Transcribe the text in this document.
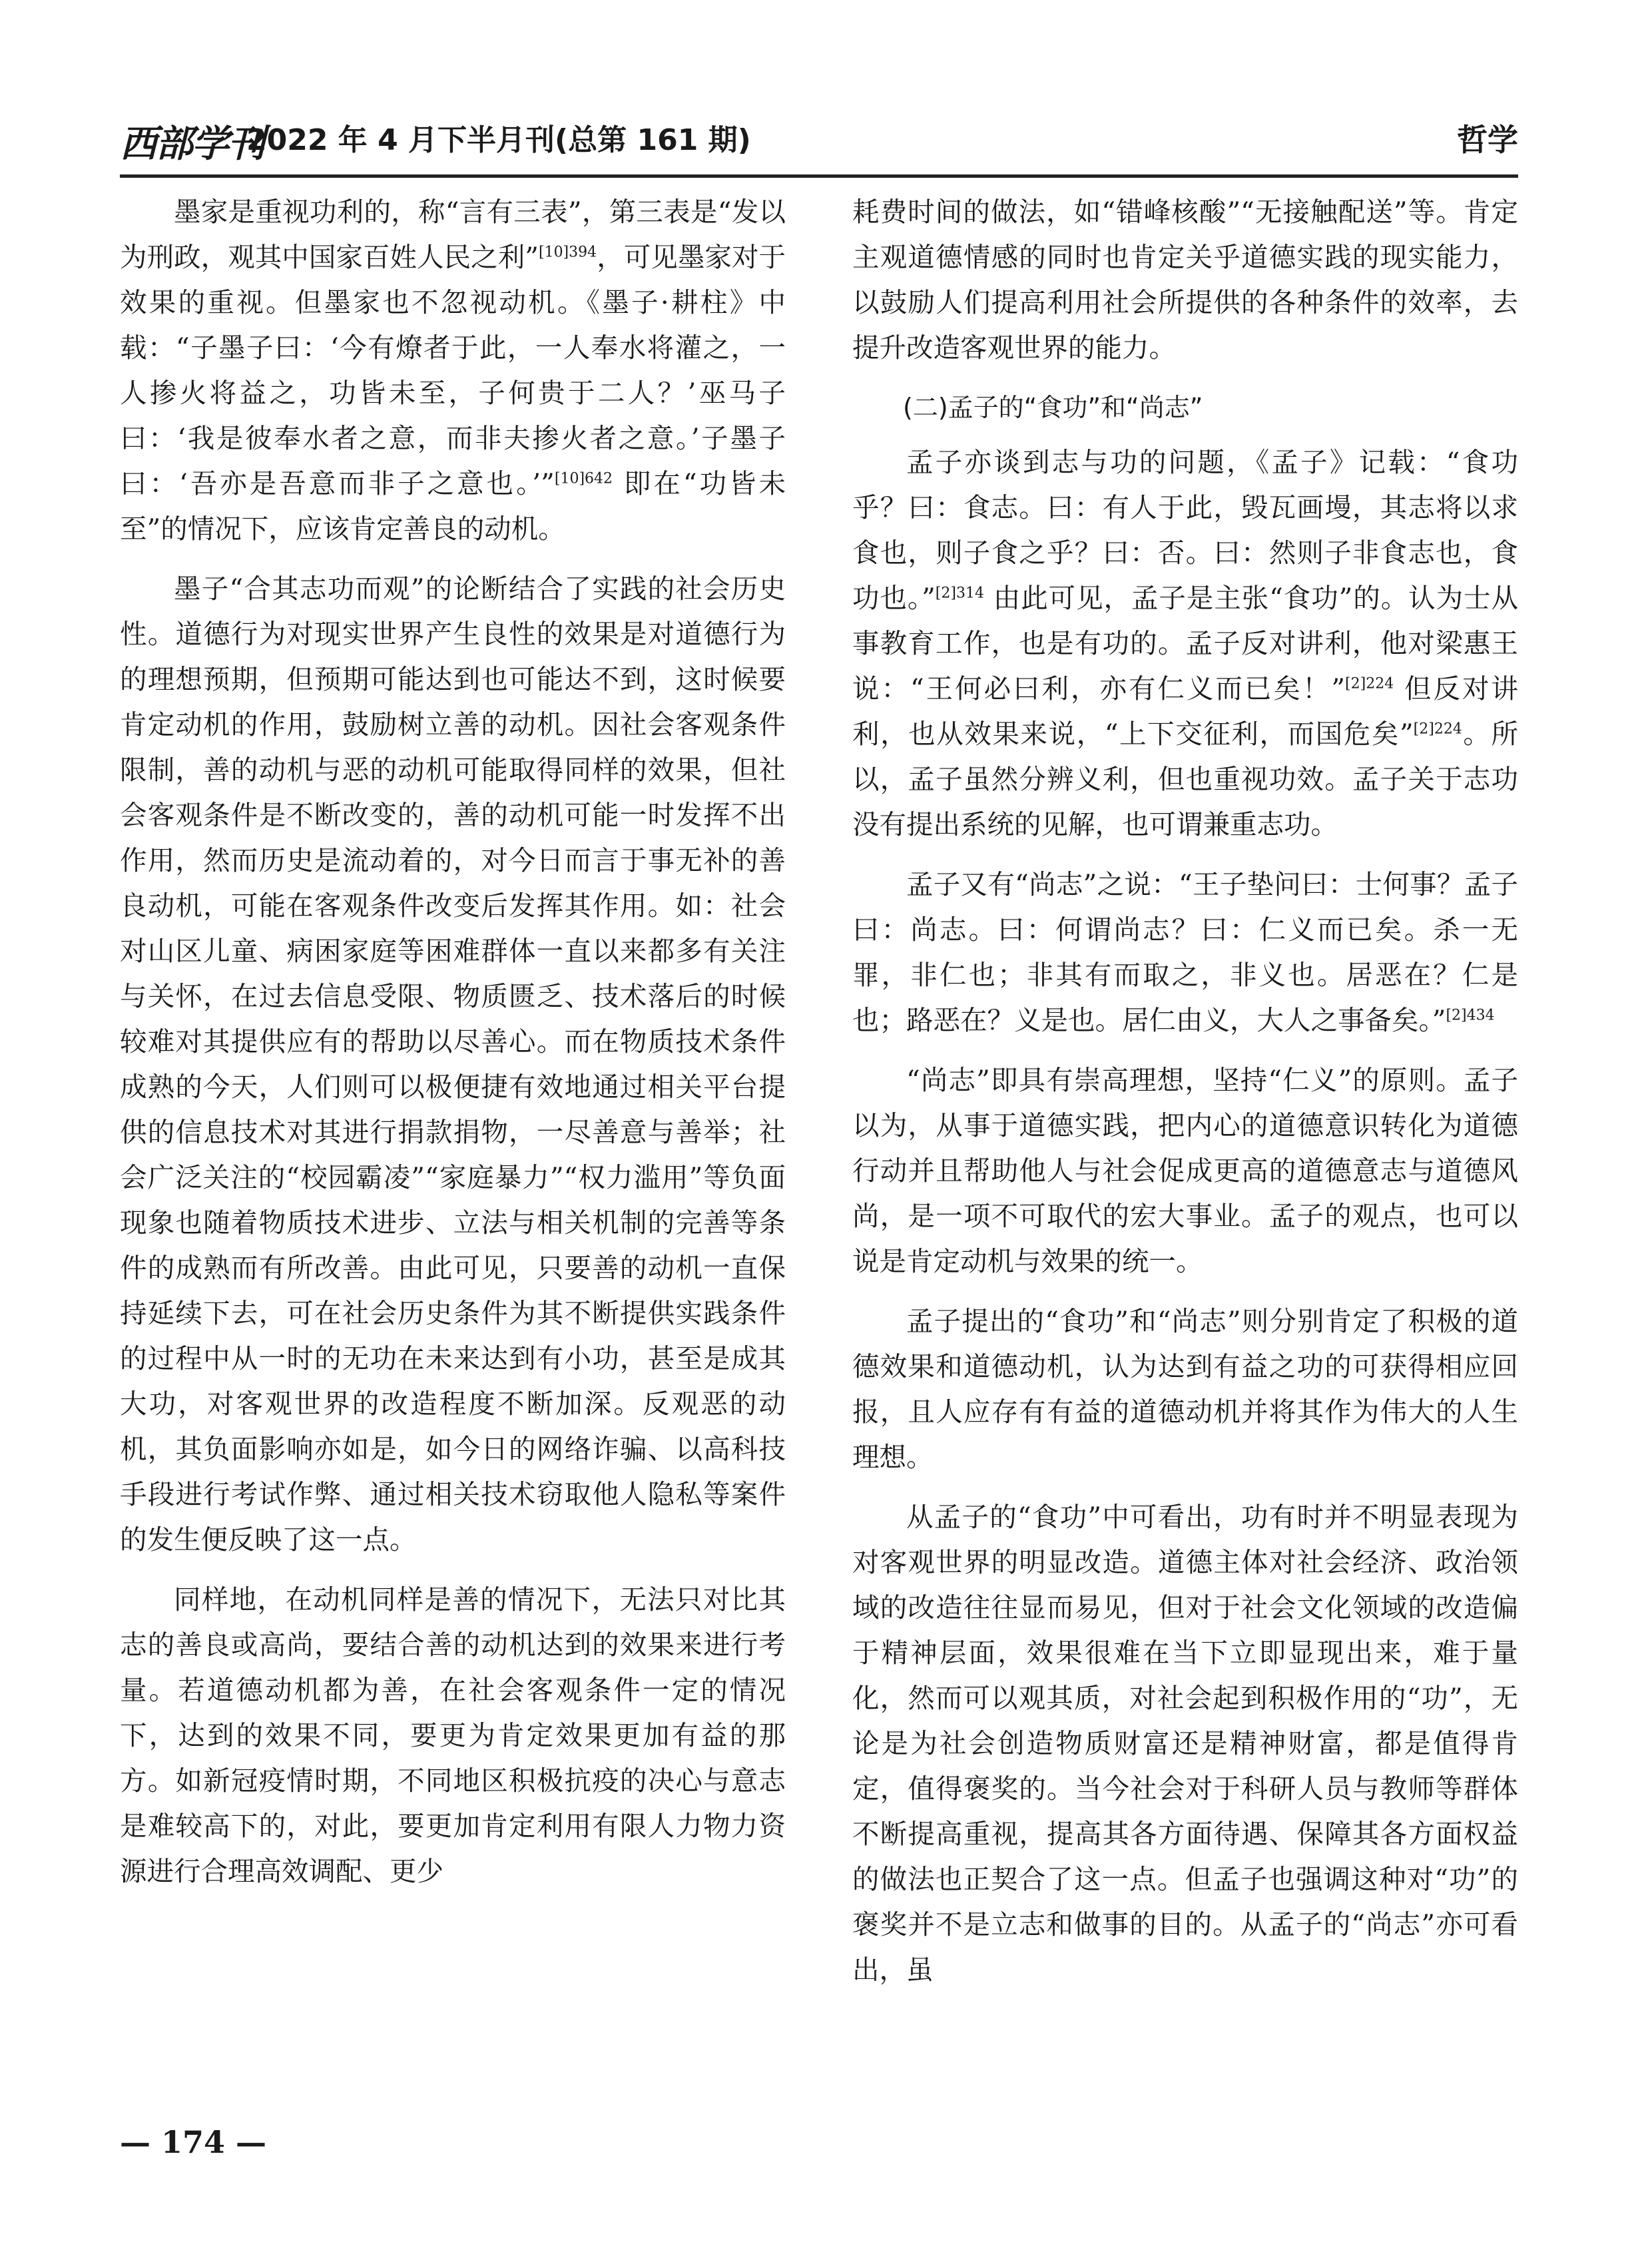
西部学刊
2022 年 4 月下半月刊(总第 161 期)	哲学

墨家是重视功利的，称“言有三表”，第三表是“发以为刑政，观其中国家百姓人民之利”$^{[10]394}$，可见墨家对于效果的重视。但墨家也不忽视动机。《墨子·耕柱》中载：“子墨子曰：‘今有燎者于此，一人奉水将灌之，一人掺火将益之，功皆未至，子何贵于二人？’巫马子曰：‘我是彼奉水者之意，而非夫掺火者之意。’子墨子曰：‘吾亦是吾意而非子之意也。’”$^{[10]642}$ 即在“功皆未至”的情况下，应该肯定善良的动机。

墨子“合其志功而观”的论断结合了实践的社会历史性。道德行为对现实世界产生良性的效果是对道德行为的理想预期，但预期可能达到也可能达不到，这时候要肯定动机的作用，鼓励树立善的动机。因社会客观条件限制，善的动机与恶的动机可能取得同样的效果，但社会客观条件是不断改变的，善的动机可能一时发挥不出作用，然而历史是流动着的，对今日而言于事无补的善良动机，可能在客观条件改变后发挥其作用。如：社会对山区儿童、病困家庭等困难群体一直以来都多有关注与关怀，在过去信息受限、物质匮乏、技术落后的时候较难对其提供应有的帮助以尽善心。而在物质技术条件成熟的今天，人们则可以极便捷有效地通过相关平台提供的信息技术对其进行捐款捐物，一尽善意与善举；社会广泛关注的“校园霸凌”“家庭暴力”“权力滥用”等负面现象也随着物质技术进步、立法与相关机制的完善等条件的成熟而有所改善。由此可见，只要善的动机一直保持延续下去，可在社会历史条件为其不断提供实践条件的过程中从一时的无功在未来达到有小功，甚至是成其大功，对客观世界的改造程度不断加深。反观恶的动机，其负面影响亦如是，如今日的网络诈骗、以高科技手段进行考试作弊、通过相关技术窃取他人隐私等案件的发生便反映了这一点。

同样地，在动机同样是善的情况下，无法只对比其志的善良或高尚，要结合善的动机达到的效果来进行考量。若道德动机都为善，在社会客观条件一定的情况下，达到的效果不同，要更为肯定效果更加有益的那方。如新冠疫情时期，不同地区积极抗疫的决心与意志是难较高下的，对此，要更加肯定利用有限人力物力资源进行合理高效调配、更少

耗费时间的做法，如“错峰核酸”“无接触配送”等。肯定主观道德情感的同时也肯定关乎道德实践的现实能力，以鼓励人们提高利用社会所提供的各种条件的效率，去提升改造客观世界的能力。

(二)孟子的“食功”和“尚志”

孟子亦谈到志与功的问题，《孟子》记载：“食功乎？曰：食志。曰：有人于此，毁瓦画墁，其志将以求食也，则子食之乎？曰：否。曰：然则子非食志也，食功也。”$^{[2]314}$ 由此可见，孟子是主张“食功”的。认为士从事教育工作，也是有功的。孟子反对讲利，他对梁惠王说：“王何必曰利，亦有仁义而已矣！”$^{[2]224}$ 但反对讲利，也从效果来说，“上下交征利，而国危矣”$^{[2]224}$。所以，孟子虽然分辨义利，但也重视功效。孟子关于志功没有提出系统的见解，也可谓兼重志功。

孟子又有“尚志”之说：“王子垫问曰：士何事？孟子曰：尚志。曰：何谓尚志？曰：仁义而已矣。杀一无罪，非仁也；非其有而取之，非义也。居恶在？仁是也；路恶在？义是也。居仁由义，大人之事备矣。”$^{[2]434}$

“尚志”即具有崇高理想，坚持“仁义”的原则。孟子以为，从事于道德实践，把内心的道德意识转化为道德行动并且帮助他人与社会促成更高的道德意志与道德风尚，是一项不可取代的宏大事业。孟子的观点，也可以说是肯定动机与效果的统一。

孟子提出的“食功”和“尚志”则分别肯定了积极的道德效果和道德动机，认为达到有益之功的可获得相应回报，且人应存有有益的道德动机并将其作为伟大的人生理想。

从孟子的“食功”中可看出，功有时并不明显表现为对客观世界的明显改造。道德主体对社会经济、政治领域的改造往往显而易见，但对于社会文化领域的改造偏于精神层面，效果很难在当下立即显现出来，难于量化，然而可以观其质，对社会起到积极作用的“功”，无论是为社会创造物质财富还是精神财富，都是值得肯定，值得褒奖的。当今社会对于科研人员与教师等群体不断提高重视，提高其各方面待遇、保障其各方面权益的做法也正契合了这一点。但孟子也强调这种对“功”的褒奖并不是立志和做事的目的。从孟子的“尚志”亦可看出，虽

— 174 —
